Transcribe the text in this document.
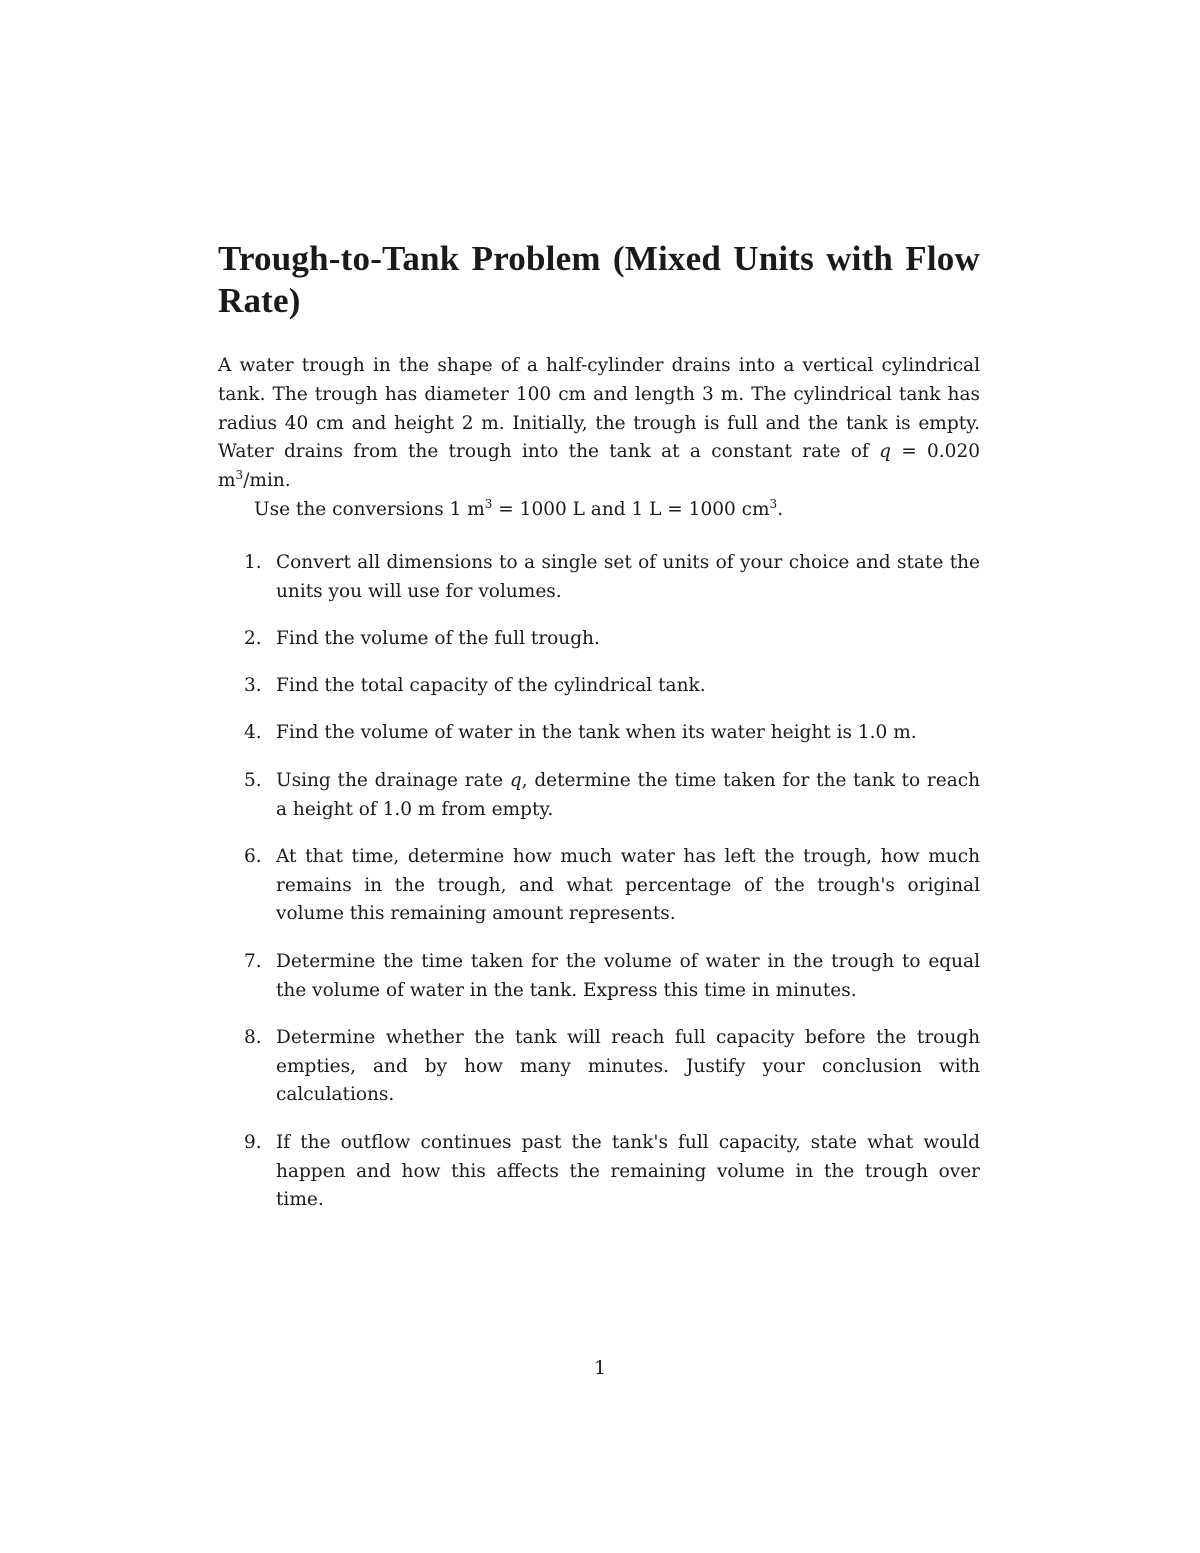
Trough-to-Tank Problem (Mixed Units with Flow Rate)

A water trough in the shape of a half-cylinder drains into a vertical cylindrical tank. The trough has diameter 100 cm and length 3 m. The cylindrical tank has radius 40 cm and height 2 m. Initially, the trough is full and the tank is empty. Water drains from the trough into the tank at a constant rate of q = 0.020 $m^3/\min$.

Use the conversions 1 $m^3 = 1000$ L and 1 L = 1000 $cm^3$.

1. Convert all dimensions to a single set of units of your choice and state the units you will use for volumes.
2. Find the volume of the full trough.
3. Find the total capacity of the cylindrical tank.
4. Find the volume of water in the tank when its water height is 1.0 m.
5. Using the drainage rate q, determine the time taken for the tank to reach a height of 1.0 m from empty.
6. At that time, determine how much water has left the trough, how much remains in the trough, and what percentage of the trough's original volume this remaining amount represents.
7. Determine the time taken for the volume of water in the trough to equal the volume of water in the tank. Express this time in minutes.
8. Determine whether the tank will reach full capacity before the trough empties, and by how many minutes. Justify your conclusion with calculations.
9. If the outflow continues past the tank's full capacity, state what would happen and how this affects the remaining volume in the trough over time.
1
